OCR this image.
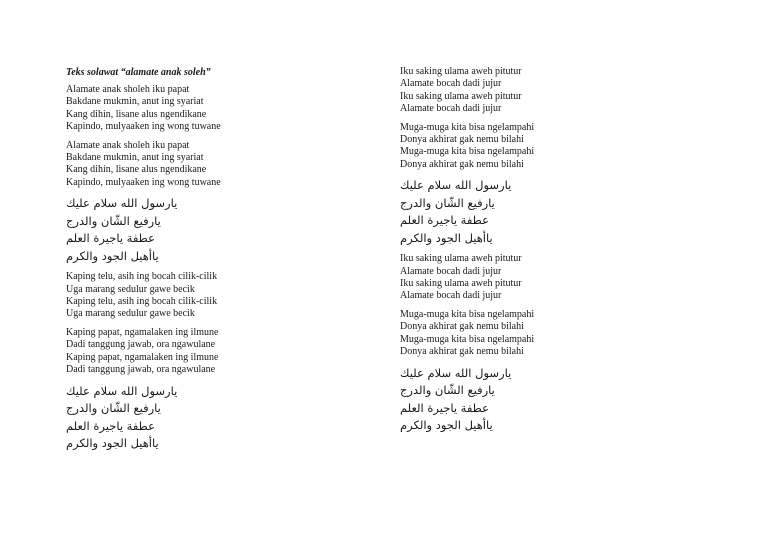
Teks solawat “alamate anak soleh”
Alamate anak sholeh iku papat
Bakdane mukmin, anut ing syariat
Kang dihin, lisane alus ngendikane
Kapindo, mulyaaken ing wong tuwane
Alamate anak sholeh iku papat
Bakdane mukmin, anut ing syariat
Kang dihin, lisane alus ngendikane
Kapindo, mulyaaken ing wong tuwane
يارسول الله سلام عليك
يارفيع الشّان والدرج
عطفة ياجيرة العلم
ياأهيل الجود والكرم
Kaping telu, asih ing bocah cilik-cilik
Uga marang sedulur gawe becik
Kaping telu, asih ing bocah cilik-cilik
Uga marang sedulur gawe becik
Kaping papat, ngamalaken ing ilmune
Dadi tanggung jawab, ora ngawulane
Kaping papat, ngamalaken ing ilmune
Dadi tanggung jawab, ora ngawulane
يارسول الله سلام عليك
يارفيع الشّان والدرج
عطفة ياجيرة العلم
ياأهيل الجود والكرم
Iku saking ulama aweh pitutur
Alamate bocah dadi jujur
Iku saking ulama aweh pitutur
Alamate bocah dadi jujur
Muga-muga kita bisa ngelampahi
Donya akhirat gak nemu bilahi
Muga-muga kita bisa ngelampahi
Donya akhirat gak nemu bilahi
يارسول الله سلام عليك
يارفيع الشّان والدرج
عطفة ياجيرة العلم
ياأهيل الجود والكرم
Iku saking ulama aweh pitutur
Alamate bocah dadi jujur
Iku saking ulama aweh pitutur
Alamate bocah dadi jujur
Muga-muga kita bisa ngelampahi
Donya akhirat gak nemu bilahi
Muga-muga kita bisa ngelampahi
Donya akhirat gak nemu bilahi
يارسول الله سلام عليك
يارفيع الشّان والدرج
عطفة ياجيرة العلم
ياأهيل الجود والكرم
